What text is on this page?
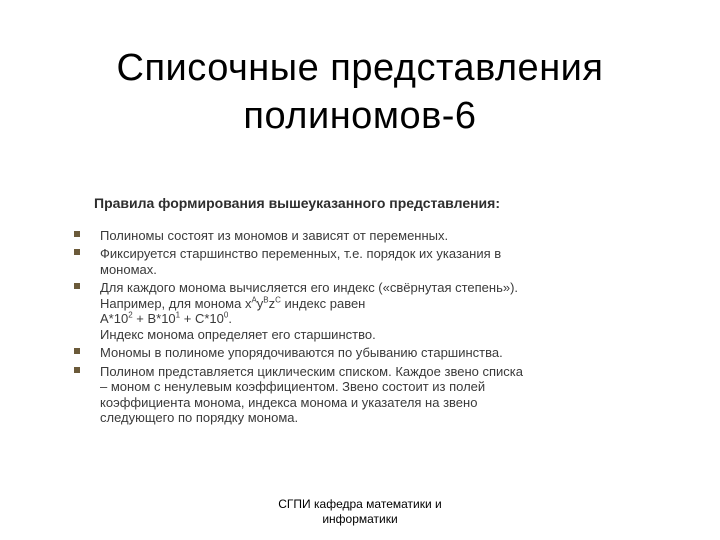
Списочные представления
полиномов-6
Правила формирования вышеуказанного представления:
Полиномы состоят из мономов и зависят от переменных.
Фиксируется старшинство переменных, т.е. порядок их указания в
мономах.
Для каждого монома вычисляется его индекс («свёрнутая степень»).
Например, для монома $x^Ay^Bz^C$ индекс равен
$A*10^2 + B*10^1 + C*10^0$.
Индекс монома определяет его старшинство.
Мономы в полиноме упорядочиваются по убыванию старшинства.
Полином представляется циклическим списком. Каждое звено списка
– моном с ненулевым коэффициентом. Звено состоит из полей
коэффициента монома, индекса монома и указателя на звено
следующего по порядку монома.
СГПИ кафедра математики и
информатики
